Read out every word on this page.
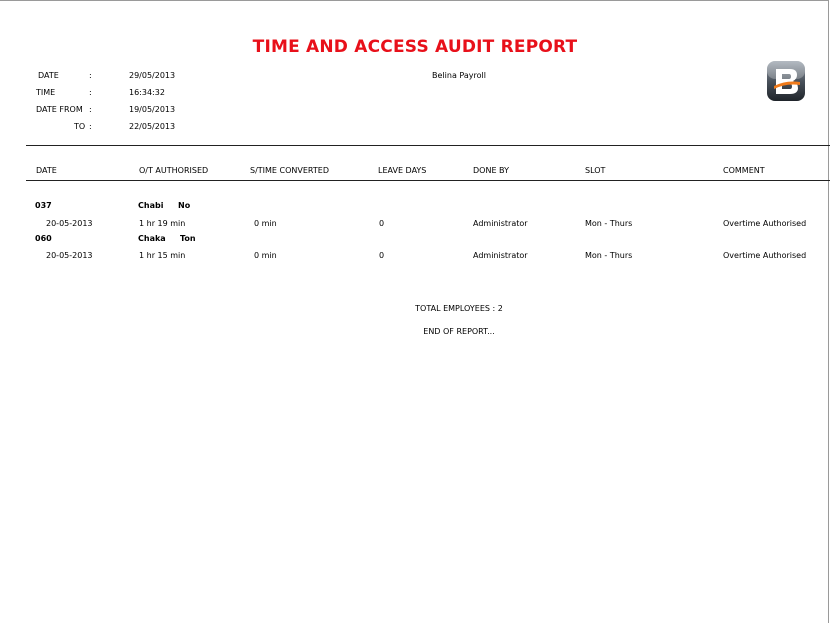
TIME AND ACCESS AUDIT REPORT
DATE	:	29/05/2013
TIME	:	16:34:32
DATE FROM :	19/05/2013
TO :	22/05/2013
Belina Payroll
DATE	O/T AUTHORISED	S/TIME CONVERTED	LEAVE DAYS	DONE BY	SLOT	COMMENT
037	Chabi No
20-05-2013	1 hr 19 min	0 min	0	Administrator	Mon - Thurs	Overtime Authorised
060	Chaka Ton
20-05-2013	1 hr 15 min	0 min	0	Administrator	Mon - Thurs	Overtime Authorised
TOTAL EMPLOYEES : 2
END OF REPORT...
